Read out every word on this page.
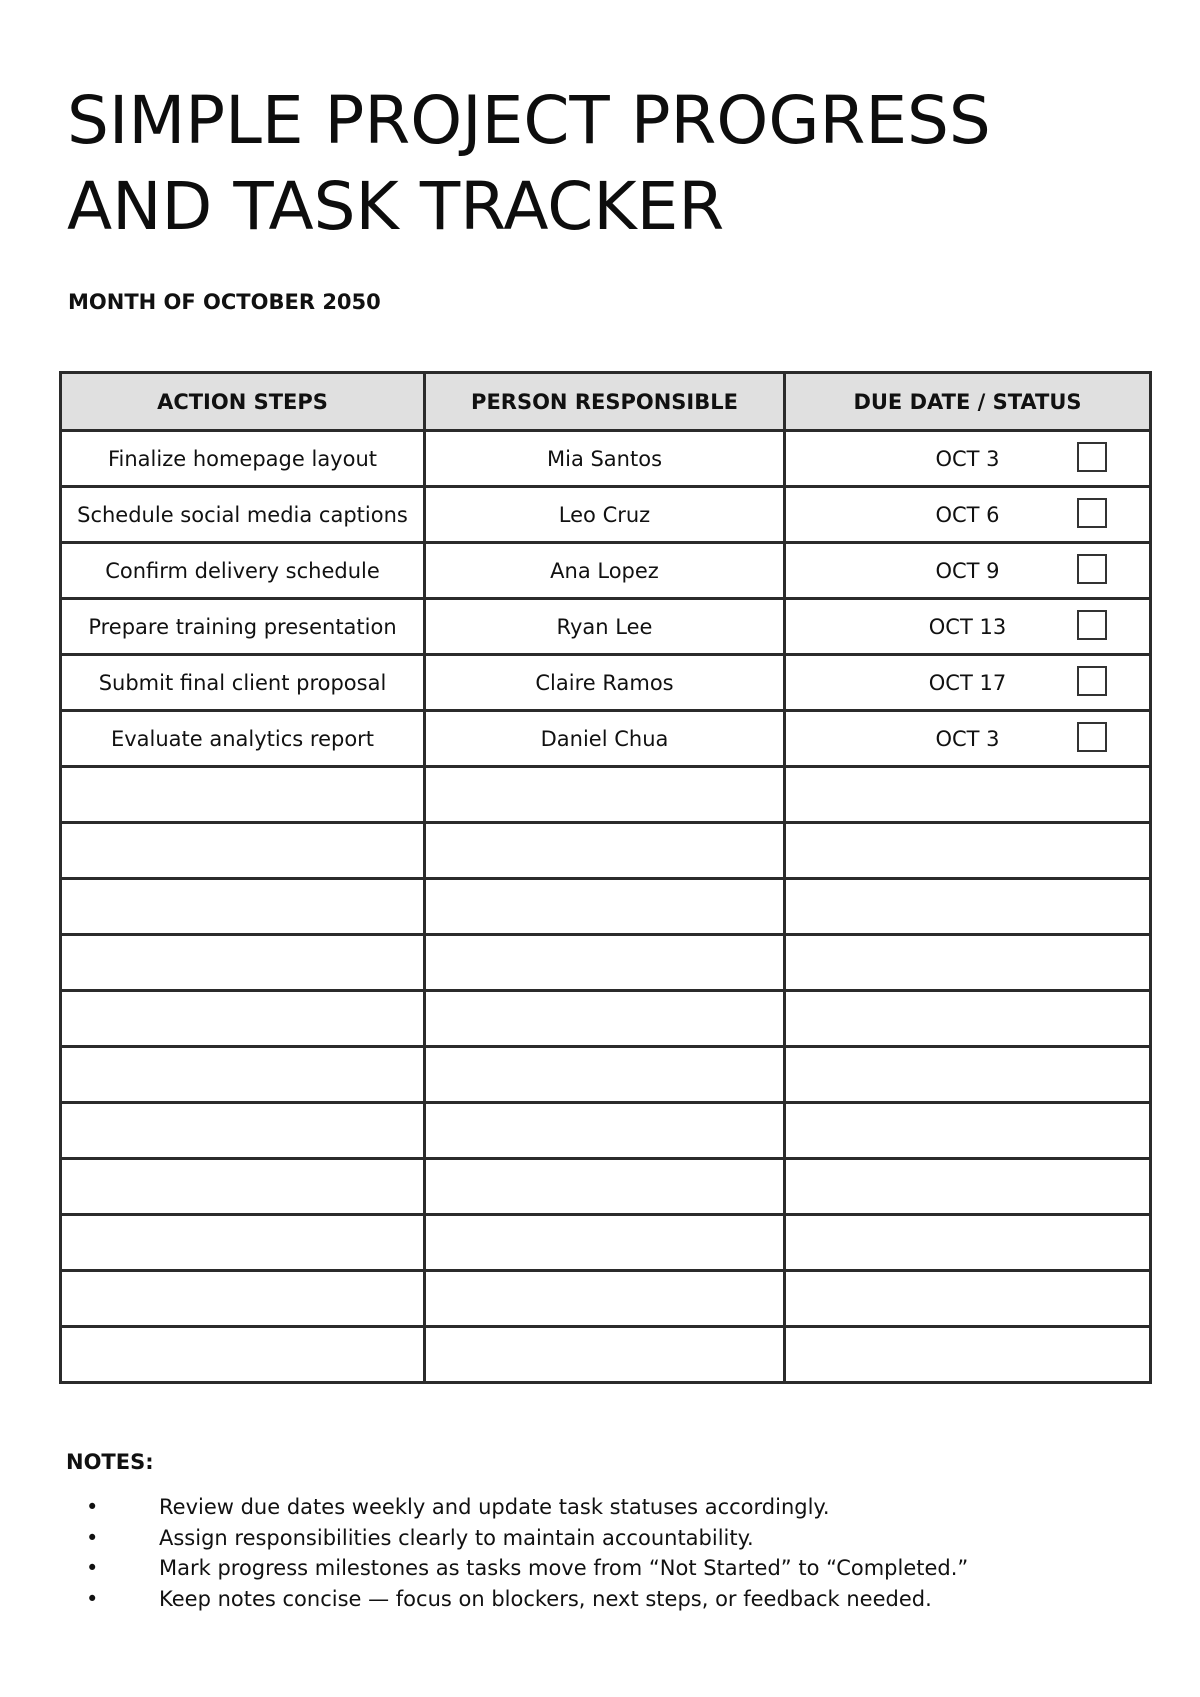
SIMPLE PROJECT PROGRESS AND TASK TRACKER
MONTH OF OCTOBER 2050
ACTION STEPS	PERSON RESPONSIBLE	DUE DATE / STATUS
Finalize homepage layout	Mia Santos	OCT 3

Schedule social media captions	Leo Cruz	OCT 6

Confirm delivery schedule	Ana Lopez	OCT 9

Prepare training presentation	Ryan Lee	OCT 13

Submit final client proposal	Claire Ramos	OCT 17

Evaluate analytics report	Daniel Chua	OCT 3

NOTES:
•	Review due dates weekly and update task statuses accordingly.
•	Assign responsibilities clearly to maintain accountability.
•	Mark progress milestones as tasks move from “Not Started” to “Completed.”
•	Keep notes concise — focus on blockers, next steps, or feedback needed.
